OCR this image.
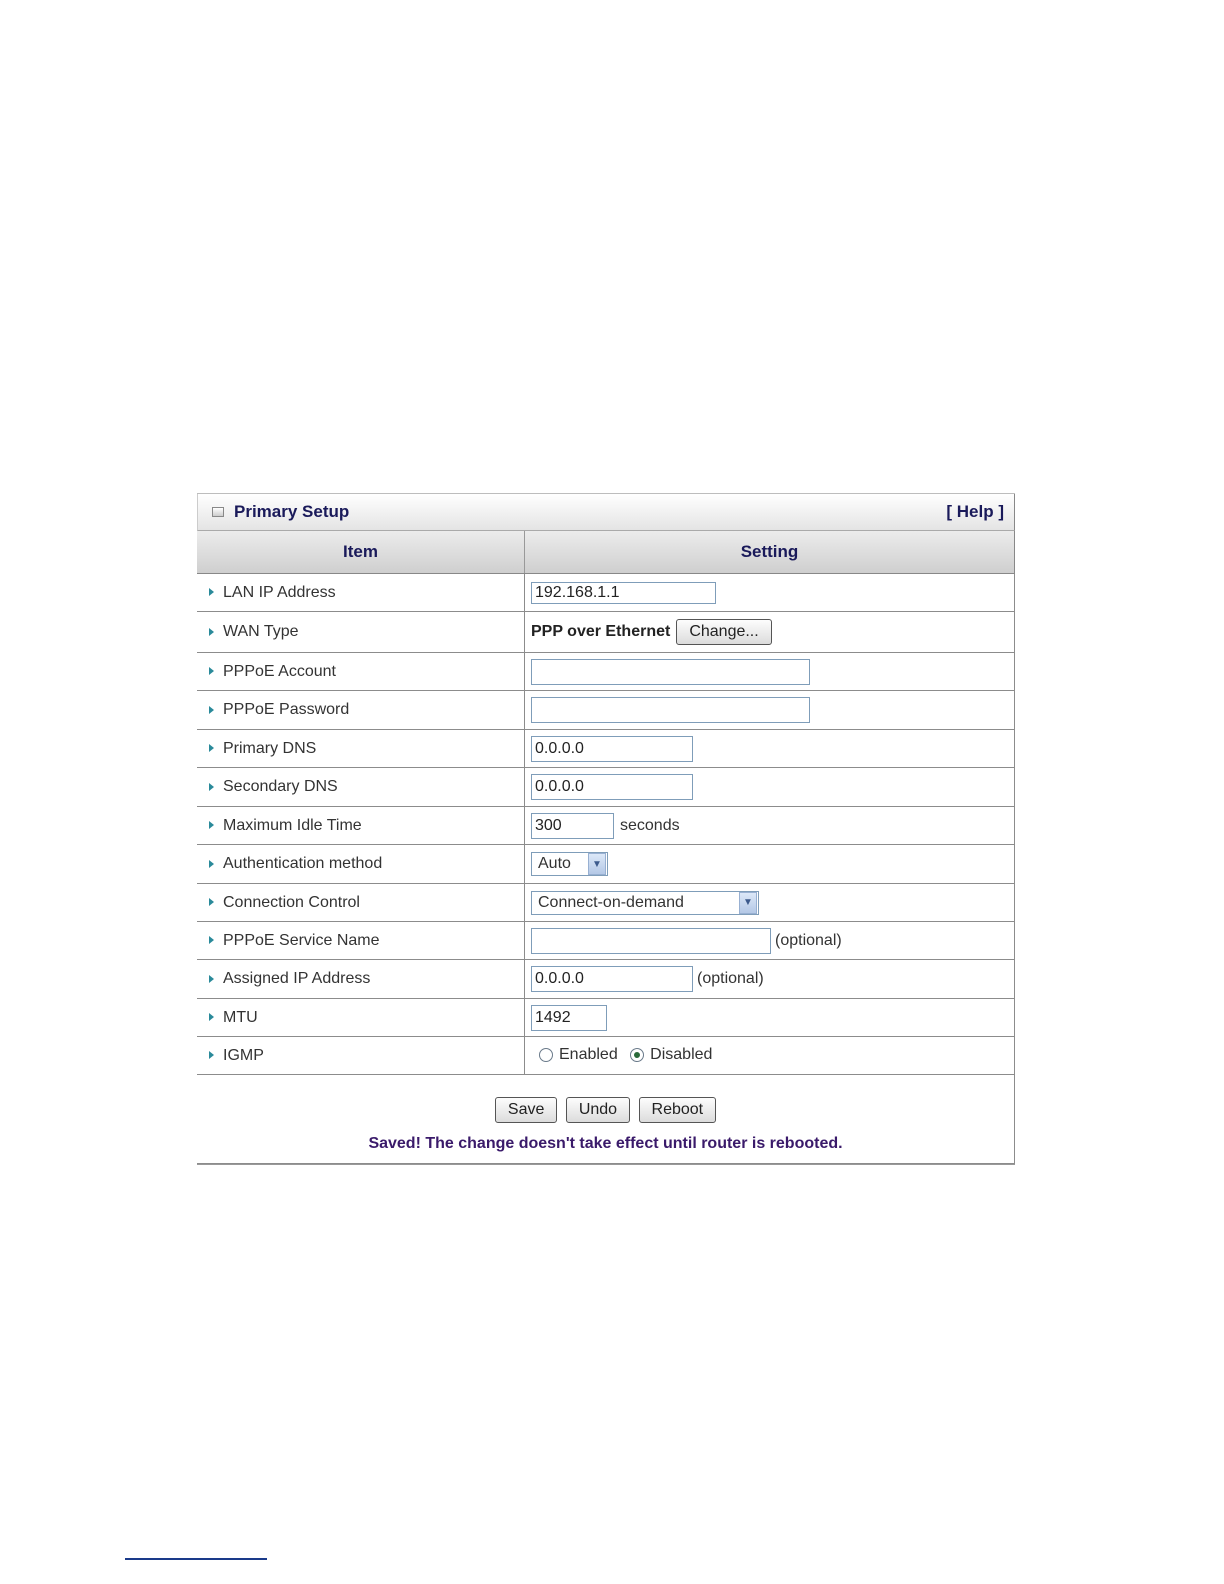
Primary Setup	[ Help ]
Item	Setting
LAN IP Address	192.168.1.1
WAN Type	PPP over Ethernet Change...
PPPoE Account	
PPPoE Password	
Primary DNS	0.0.0.0
Secondary DNS	0.0.0.0
Maximum Idle Time	300seconds
Authentication method	Auto ▼

Connection Control	Connect-on-demand ▼

PPPoE Service Name	(optional)
Assigned IP Address	0.0.0.0(optional)
MTU	1492
IGMP	Enabled Disabled

Save Undo Reboot
Saved! The change doesn't take effect until router is rebooted.	
